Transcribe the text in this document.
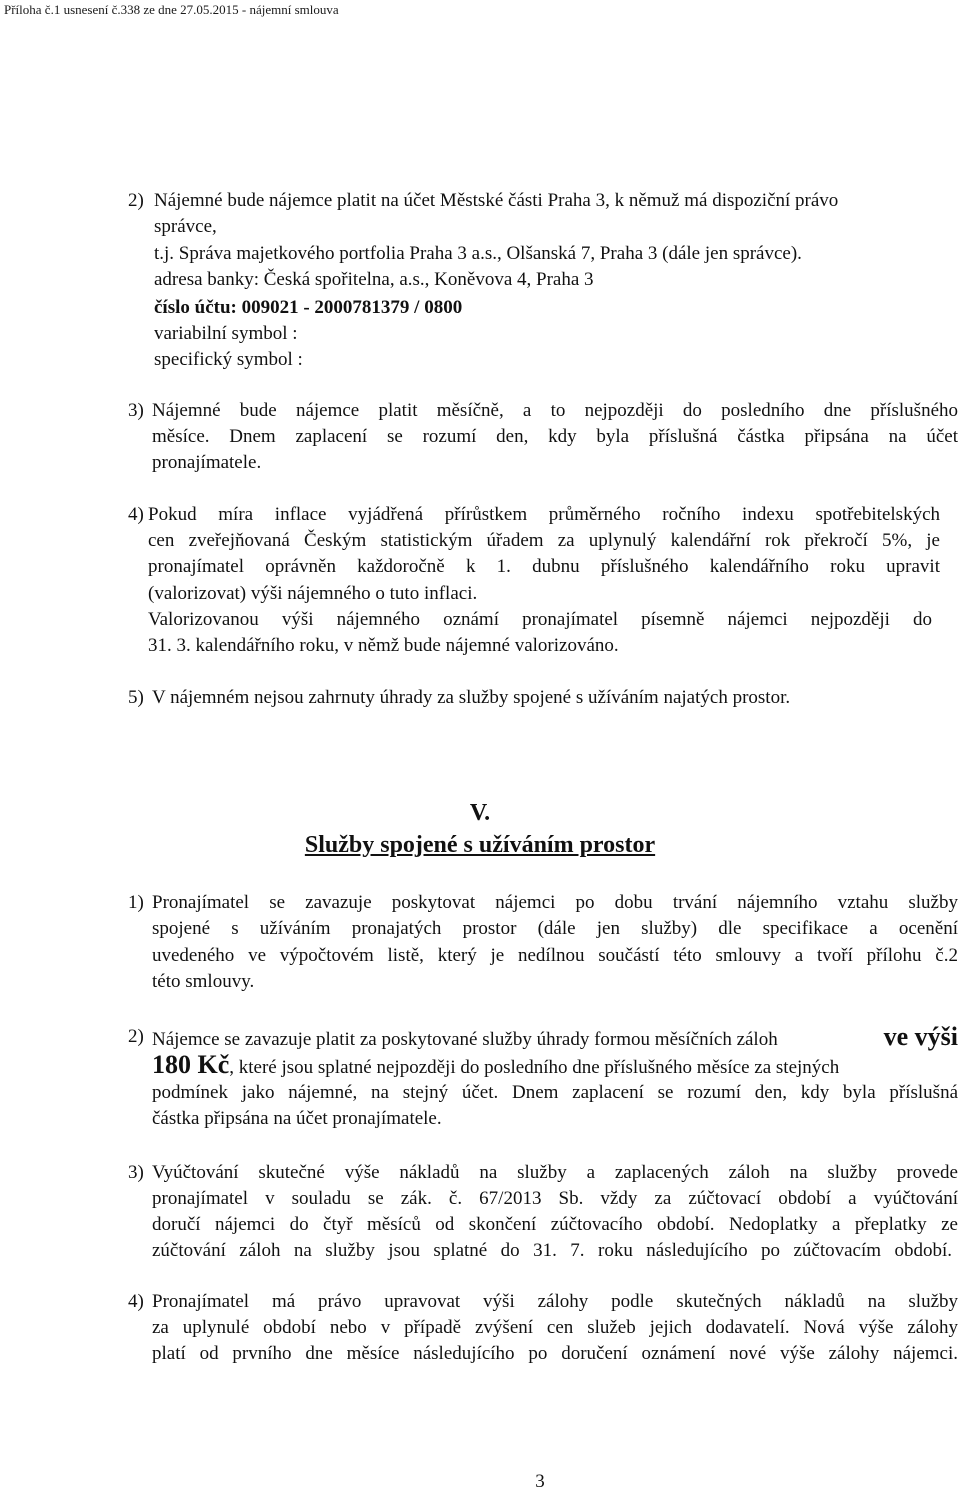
Příloha č.1 usnesení č.338 ze dne 27.05.2015 - nájemní smlouva

2) Nájemné bude nájemce platit na účet Městské části Praha 3, k němuž má dispoziční právo
správce,
t.j. Správa majetkového portfolia Praha 3 a.s., Olšanská 7, Praha 3 (dále jen správce).
adresa banky: Česká spořitelna, a.s., Koněvova 4, Praha 3
číslo účtu: 009021 - 2000781379 / 0800
variabilní symbol :
specifický symbol :
3) Nájemné bude nájemce platit měsíčně, a to nejpozději do posledního dne příslušného
měsíce. Dnem zaplacení se rozumí den, kdy byla příslušná částka připsána na účet
pronajímatele.
4) Pokud míra inflace vyjádřená přírůstkem průměrného ročního indexu spotřebitelských
cen zveřejňovaná Českým statistickým úřadem za uplynulý kalendářní rok překročí 5%, je
pronajímatel oprávněn každoročně k 1. dubnu příslušného kalendářního roku upravit
(valorizovat) výši nájemného o tuto inflaci.
Valorizovanou výši nájemného oznámí pronajímatel písemně nájemci nejpozději do
31. 3. kalendářního roku, v němž bude nájemné valorizováno.
5) V nájemném nejsou zahrnuty úhrady za služby spojené s užíváním najatých prostor.

V.

Služby spojené s užíváním prostor

1) Pronajímatel se zavazuje poskytovat nájemci po dobu trvání nájemního vztahu služby
spojené s užíváním pronajatých prostor (dále jen služby) dle specifikace a ocenění
uvedeného ve výpočtovém listě, který je nedílnou součástí této smlouvy a tvoří přílohu č.2
této smlouvy.
2) Nájemce se zavazuje platit za poskytované služby úhrady formou měsíčních záloh	ve výši
180 Kč , které jsou splatné nejpozději do posledního dne příslušného měsíce za stejných
podmínek jako nájemné, na stejný účet. Dnem zaplacení se rozumí den, kdy byla příslušná
částka připsána na účet pronajímatele.
3) Vyúčtování skutečné výše nákladů na služby a zaplacených záloh na služby provede
pronajímatel v souladu se zák. č. 67/2013 Sb. vždy za zúčtovací období a vyúčtování
doručí nájemci do čtyř měsíců od skončení zúčtovacího období. Nedoplatky a přeplatky ze
zúčtování záloh na služby jsou splatné do 31. 7. roku následujícího po zúčtovacím období.
4) Pronajímatel má právo upravovat výši zálohy podle skutečných nákladů na služby
za uplynulé období nebo v případě zvýšení cen služeb jejich dodavatelí. Nová výše zálohy
platí od prvního dne měsíce následujícího po doručení oznámení nové výše zálohy nájemci.

3
